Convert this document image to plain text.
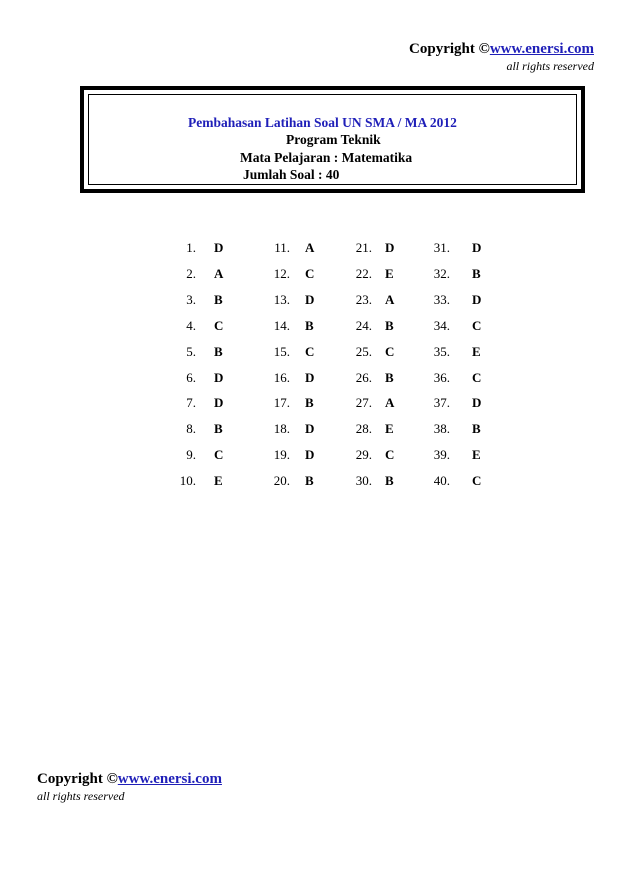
Copyright ©www.enersi.com
all rights reserved
Pembahasan Latihan Soal UN SMA / MA 2012
Program Teknik
Mata Pelajaran : Matematika
Jumlah Soal : 40
1. D
2. A
3. B
4. C
5. B
6. D
7. D
8. B
9. C
10. E
11. A
12. C
13. D
14. B
15. C
16. D
17. B
18. D
19. D
20. B
21. D
22. E
23. A
24. B
25. C
26. B
27. A
28. E
29. C
30. B
31. D
32. B
33. D
34. C
35. E
36. C
37. D
38. B
39. E
40. C
Copyright ©www.enersi.com
all rights reserved
